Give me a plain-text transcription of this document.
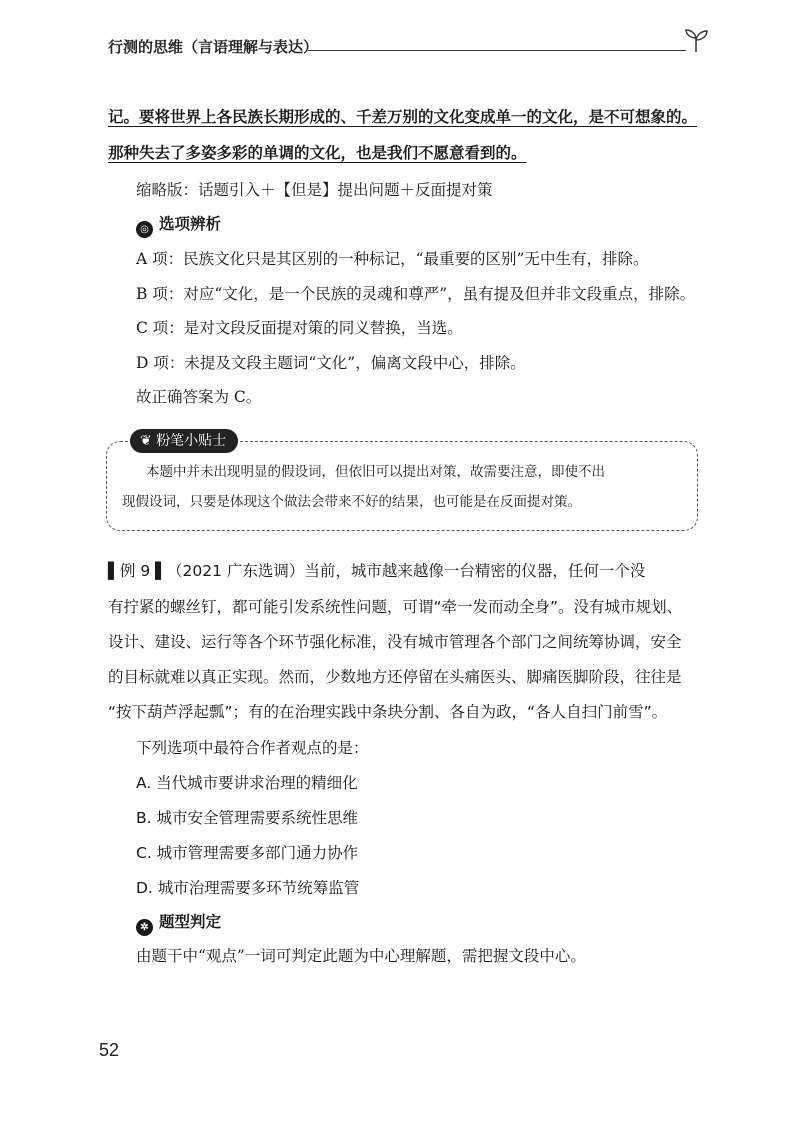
行测的思维（言语理解与表达）
记。要将世界上各民族长期形成的、千差万别的文化变成单一的文化，是不可想象的。
那种失去了多姿多彩的单调的文化，也是我们不愿意看到的。
缩略版：话题引入＋【但是】提出问题＋反面提对策
◎ 选项辨析
A 项：民族文化只是其区别的一种标记，“最重要的区别”无中生有，排除。
B 项：对应“文化，是一个民族的灵魂和尊严”，虽有提及但并非文段重点，排除。
C 项：是对文段反面提对策的同义替换，当选。
D 项：未提及文段主题词“文化”，偏离文段中心，排除。
故正确答案为 C。
❦ 粉笔小贴士
本题中并未出现明显的假设词，但依旧可以提出对策，故需要注意，即使不出
现假设词，只要是体现这个做法会带来不好的结果，也可能是在反面提对策。
▌例 9 ▌（2021 广东选调）当前，城市越来越像一台精密的仪器，任何一个没
有拧紧的螺丝钉，都可能引发系统性问题，可谓“牵一发而动全身”。没有城市规划、
设计、建设、运行等各个环节强化标准，没有城市管理各个部门之间统筹协调，安全
的目标就难以真正实现。然而，少数地方还停留在头痛医头、脚痛医脚阶段，往往是
“按下葫芦浮起瓢”；有的在治理实践中条块分割、各自为政，“各人自扫门前雪”。
下列选项中最符合作者观点的是：
A. 当代城市要讲求治理的精细化
B. 城市安全管理需要系统性思维
C. 城市管理需要多部门通力协作
D. 城市治理需要多环节统筹监管
✲ 题型判定
由题干中“观点”一词可判定此题为中心理解题，需把握文段中心。
52
